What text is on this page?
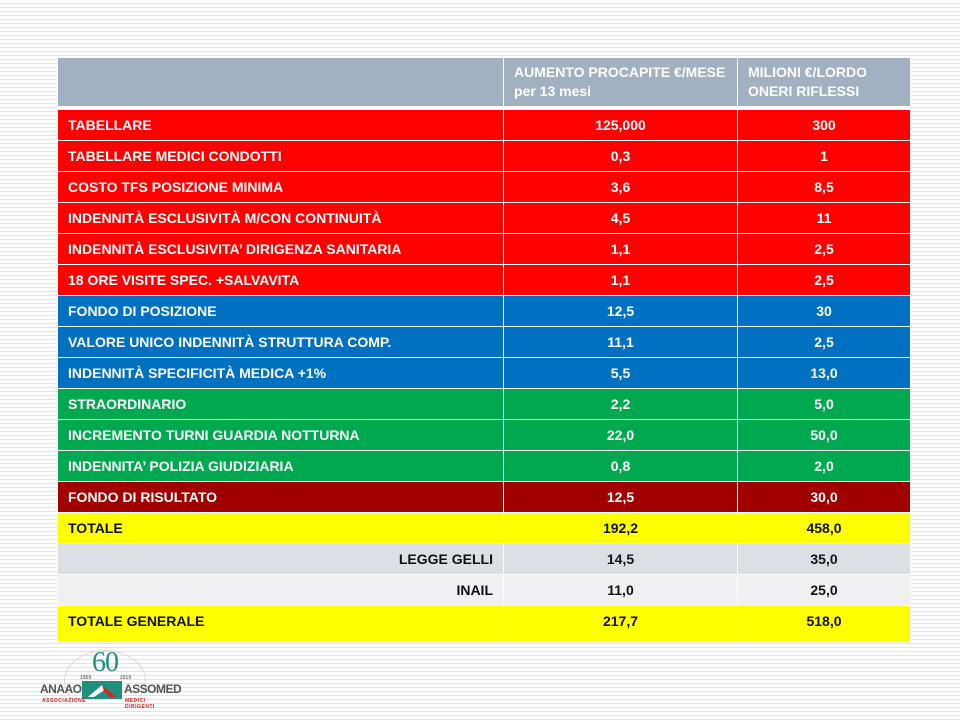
	AUMENTO PROCAPITE €/MESE per 13 mesi	MILIONI €/LORDO ONERI RIFLESSI
TABELLARE	125,000	300
TABELLARE MEDICI CONDOTTI	0,3	1
COSTO TFS POSIZIONE MINIMA	3,6	8,5
INDENNITÀ ESCLUSIVITÀ M/CON CONTINUITÀ	4,5	11
INDENNITÀ ESCLUSIVITA’ DIRIGENZA SANITARIA	1,1	2,5
18 ORE VISITE SPEC. +SALVAVITA	1,1	2,5
FONDO DI POSIZIONE	12,5	30
VALORE UNICO INDENNITÀ STRUTTURA COMP.	11,1	2,5
INDENNITÀ SPECIFICITÀ MEDICA +1%	5,5	13,0
STRAORDINARIO	2,2	5,0
INCREMENTO TURNI GUARDIA NOTTURNA	22,0	50,0
INDENNITA’ POLIZIA GIUDIZIARIA	0,8	2,0
FONDO DI RISULTATO	12,5	30,0
TOTALE	192,2	458,0
LEGGE GELLI	14,5	35,0
INAIL	11,0	25,0
TOTALE GENERALE	217,7	518,0
60
1959	2019
ANAAO	ASSOMED
ASSOCIAZIONE	MEDICI DIRIGENTI
